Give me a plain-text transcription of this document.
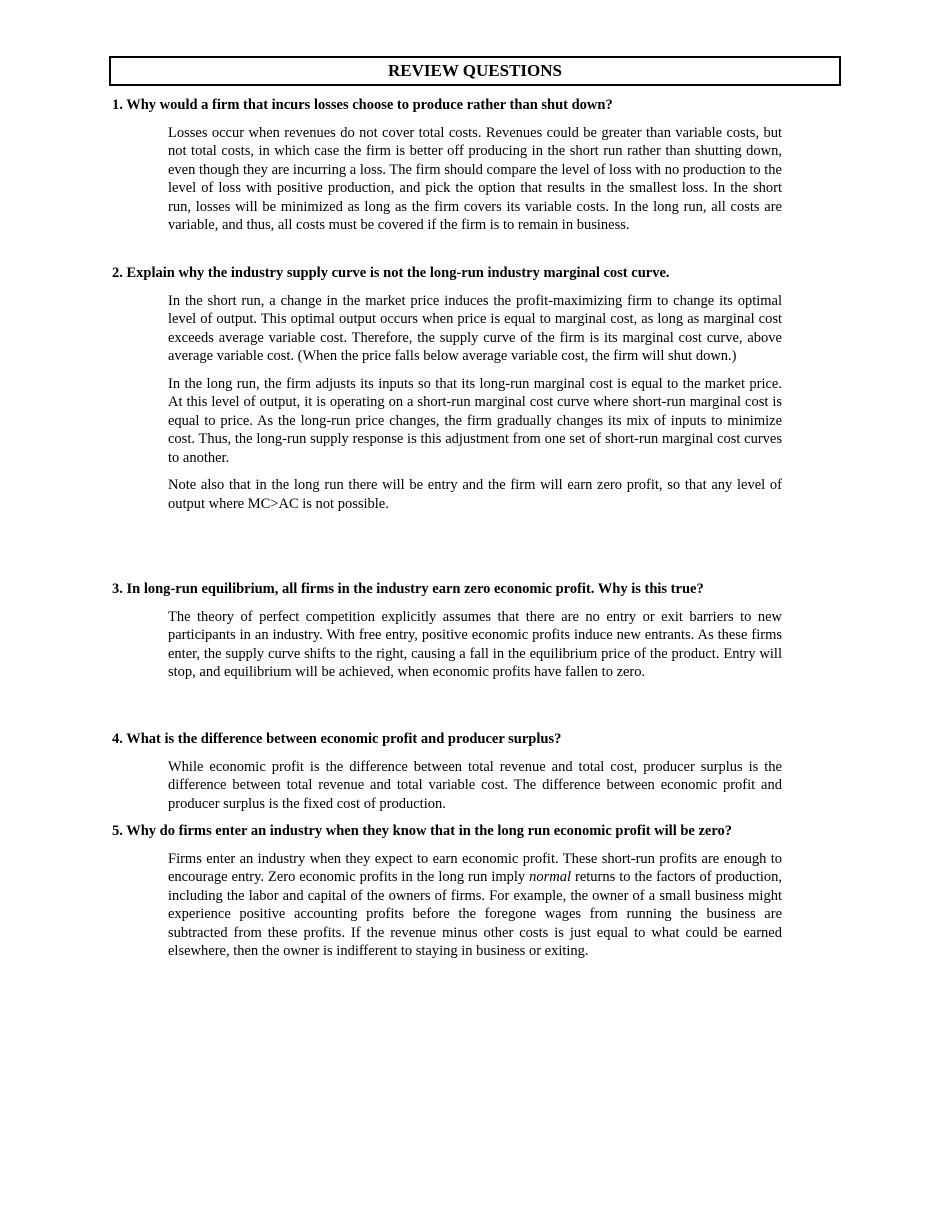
REVIEW QUESTIONS

1. Why would a firm that incurs losses choose to produce rather than shut down?

Losses occur when revenues do not cover total costs. Revenues could be greater than variable costs, but not total costs, in which case the firm is better off producing in the short run rather than shutting down, even though they are incurring a loss. The firm should compare the level of loss with no production to the level of loss with positive production, and pick the option that results in the smallest loss. In the short run, losses will be minimized as long as the firm covers its variable costs. In the long run, all costs are variable, and thus, all costs must be covered if the firm is to remain in business.

2. Explain why the industry supply curve is not the long-run industry marginal cost curve.

In the short run, a change in the market price induces the profit-maximizing firm to change its optimal level of output. This optimal output occurs when price is equal to marginal cost, as long as marginal cost exceeds average variable cost. Therefore, the supply curve of the firm is its marginal cost curve, above average variable cost. (When the price falls below average variable cost, the firm will shut down.)
In the long run, the firm adjusts its inputs so that its long-run marginal cost is equal to the market price. At this level of output, it is operating on a short-run marginal cost curve where short-run marginal cost is equal to price. As the long-run price changes, the firm gradually changes its mix of inputs to minimize cost. Thus, the long-run supply response is this adjustment from one set of short-run marginal cost curves to another.
Note also that in the long run there will be entry and the firm will earn zero profit, so that any level of output where MC>AC is not possible.

3. In long-run equilibrium, all firms in the industry earn zero economic profit. Why is this true?

The theory of perfect competition explicitly assumes that there are no entry or exit barriers to new participants in an industry. With free entry, positive economic profits induce new entrants. As these firms enter, the supply curve shifts to the right, causing a fall in the equilibrium price of the product. Entry will stop, and equilibrium will be achieved, when economic profits have fallen to zero.

4. What is the difference between economic profit and producer surplus?

While economic profit is the difference between total revenue and total cost, producer surplus is the difference between total revenue and total variable cost. The difference between economic profit and producer surplus is the fixed cost of production.

5. Why do firms enter an industry when they know that in the long run economic profit will be zero?

Firms enter an industry when they expect to earn economic profit. These short-run profits are enough to encourage entry. Zero economic profits in the long run imply normal returns to the factors of production, including the labor and capital of the owners of firms. For example, the owner of a small business might experience positive accounting profits before the foregone wages from running the business are subtracted from these profits. If the revenue minus other costs is just equal to what could be earned elsewhere, then the owner is indifferent to staying in business or exiting.
